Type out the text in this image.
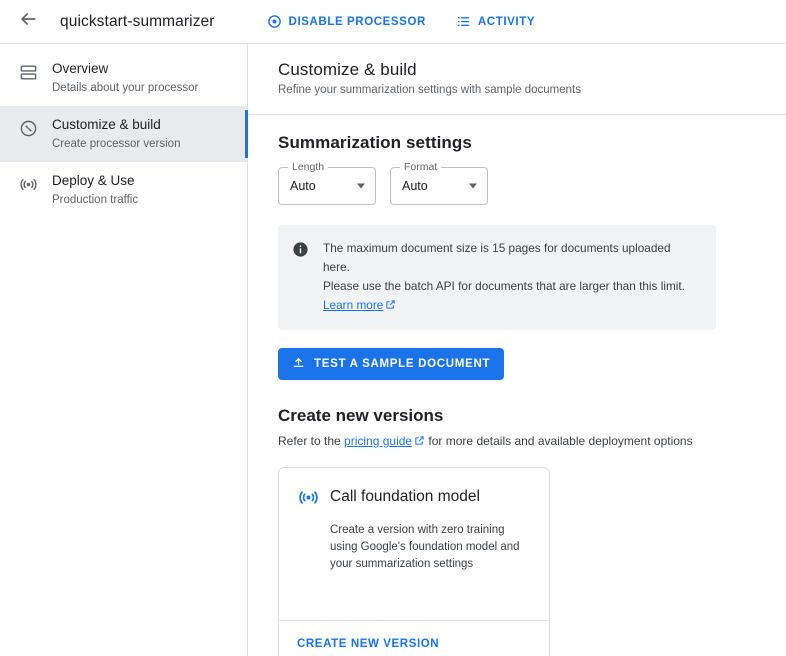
quickstart-summarizer	DISABLE PROCESSOR	ACTIVITY
Overview
Details about your processor
Customize & build
Create processor version
Deploy & Use
Production traffic
Customize & build

Refine your summarization settings with sample documents

Summarization settings
Length
Auto
Format
Auto
The maximum document size is 15 pages for documents uploaded here.
Please use the batch API for documents that are larger than this limit.
Learn more
TEST A SAMPLE DOCUMENT
Create new versions

Refer to the pricing guide for more details and available deployment options

Call foundation model
Create a version with zero training using Google's foundation model and your summarization settings
CREATE NEW VERSION
